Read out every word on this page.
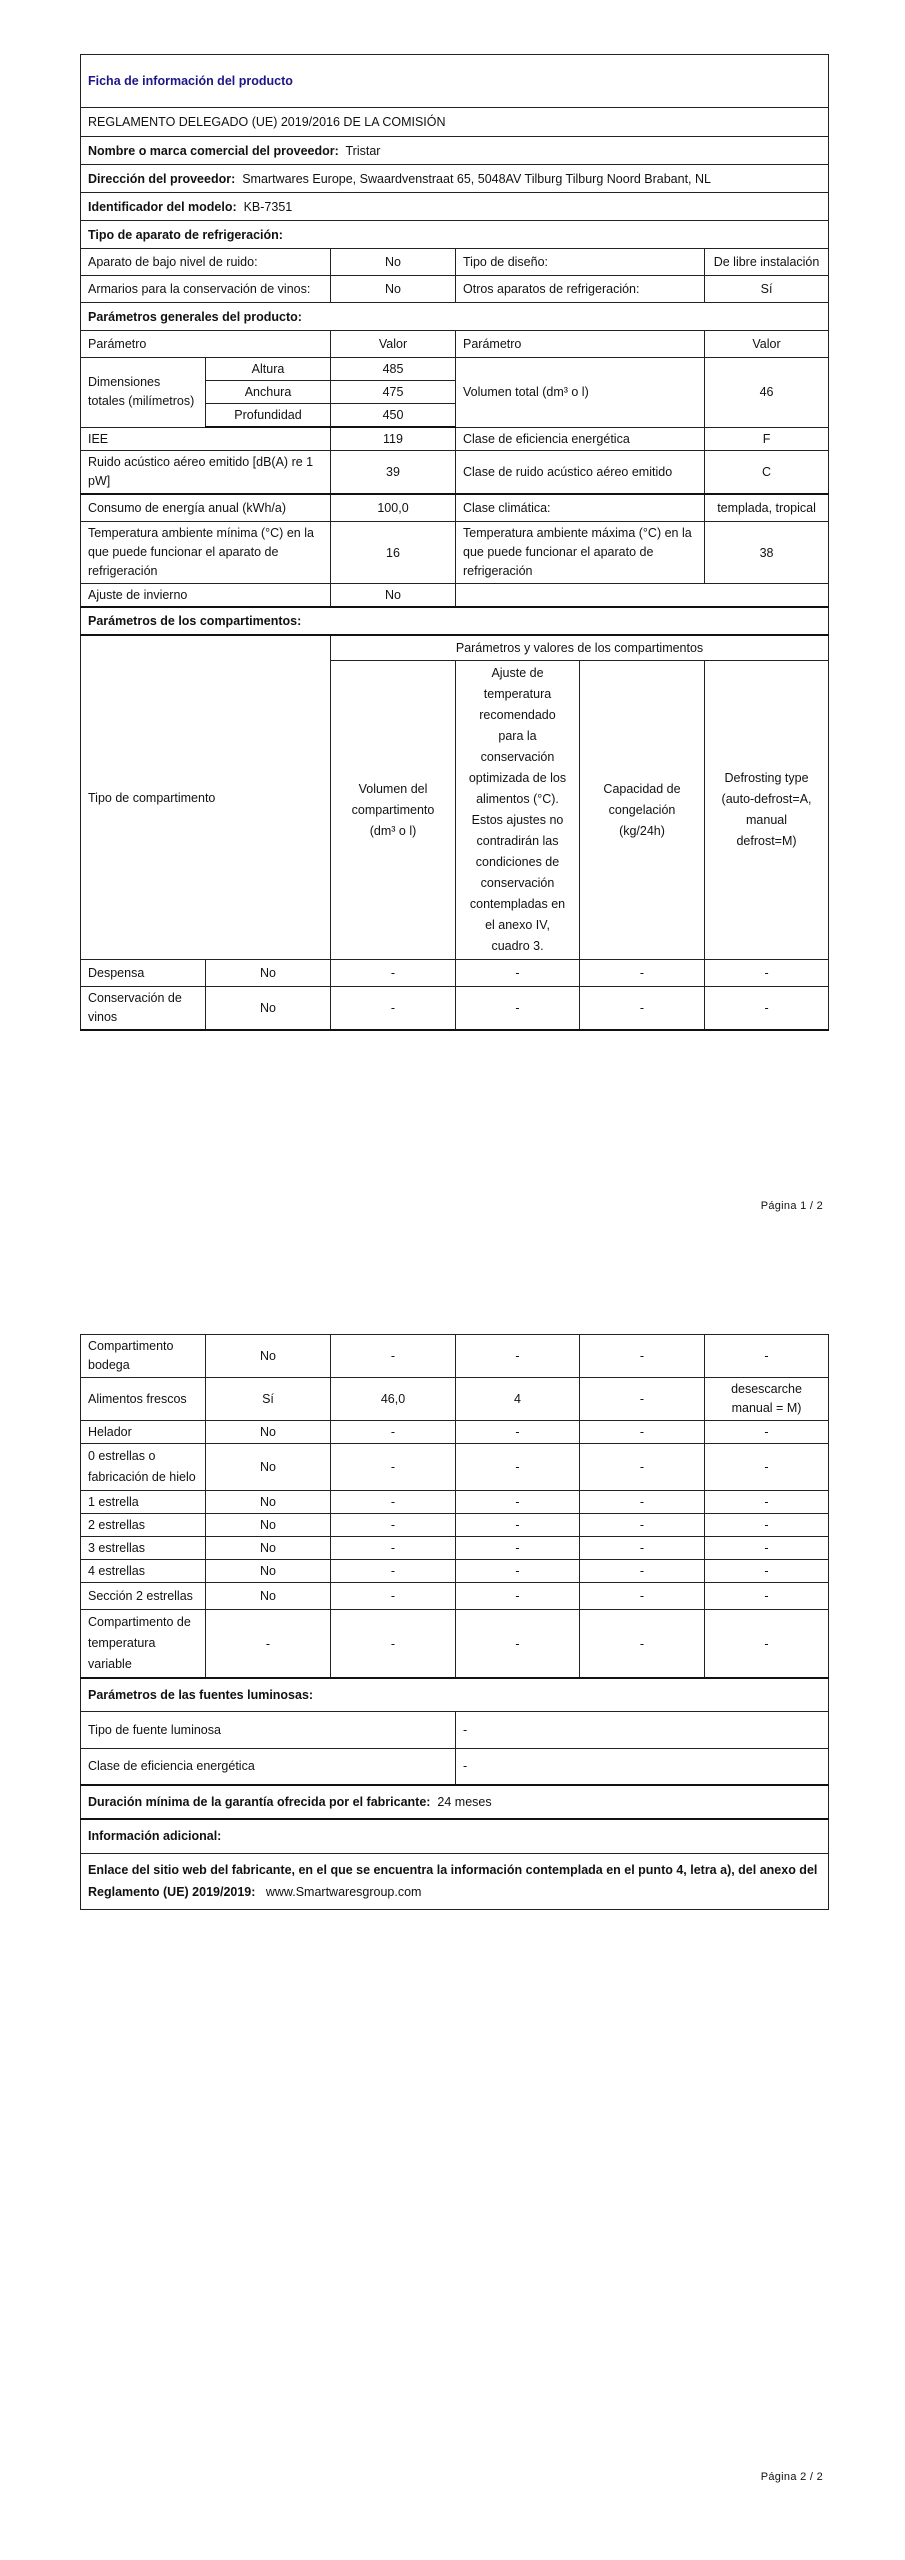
Ficha de información del producto					
REGLAMENTO DELEGADO (UE) 2019/2016 DE LA COMISIÓN					
Nombre o marca comercial del proveedor: Tristar					
Dirección del proveedor: Smartwares Europe, Swaardvenstraat 65, 5048AV Tilburg Tilburg Noord Brabant, NL					
Identificador del modelo: KB-7351					
Tipo de aparato de refrigeración:					
Aparato de bajo nivel de ruido:		No	Tipo de diseño:		De libre instalación
Armarios para la conservación de vinos:		No	Otros aparatos de refrigeración:		Sí
Parámetros generales del producto:					
Parámetro		Valor	Parámetro		Valor
Dimensiones totales (milímetros)	Altura	485	Volumen total (dm³ o l)		46
	Anchura	475			
	Profundidad	450			
IEE		119	Clase de eficiencia energética		F
Ruido acústico aéreo emitido [dB(A) re 1 pW]		39	Clase de ruido acústico aéreo emitido		C
Consumo de energía anual (kWh/a)		100,0	Clase climática:		templada, tropical
Temperatura ambiente mínima (°C) en la que puede funcionar el aparato de refrigeración		16	Temperatura ambiente máxima (°C) en la que puede funcionar el aparato de refrigeración		38
Ajuste de invierno		No			
Parámetros de los compartimentos:					
Tipo de compartimento		Parámetros y valores de los compartimentos			
		Volumen del compartimento (dm³ o l)	Ajuste de temperatura recomendado para la conservación optimizada de los alimentos (°C). Estos ajustes no contradirán las condiciones de conservación contempladas en el anexo IV, cuadro 3.	Capacidad de congelación (kg/24h)	Defrosting type (auto-defrost=A, manual defrost=M)
Despensa	No	-	-	-	-
Conservación de vinos	No	-	-	-	-
Página 1 / 2
Compartimento bodega	No	-	-	-	-
Alimentos frescos	Sí	46,0	4	-	desescarche manual = M)
Helador	No	-	-	-	-
0 estrellas o fabricación de hielo	No	-	-	-	-
1 estrella	No	-	-	-	-
2 estrellas	No	-	-	-	-
3 estrellas	No	-	-	-	-
4 estrellas	No	-	-	-	-
Sección 2 estrellas	No	-	-	-	-
Compartimento de temperatura variable	-	-	-	-	-
Parámetros de las fuentes luminosas:					
Tipo de fuente luminosa			-		
Clase de eficiencia energética			-		
Duración mínima de la garantía ofrecida por el fabricante: 24 meses					
Información adicional:					
Enlace del sitio web del fabricante, en el que se encuentra la información contemplada en el punto 4, letra a), del anexo del Reglamento (UE) 2019/2019: www.Smartwaresgroup.com					
Página 2 / 2
